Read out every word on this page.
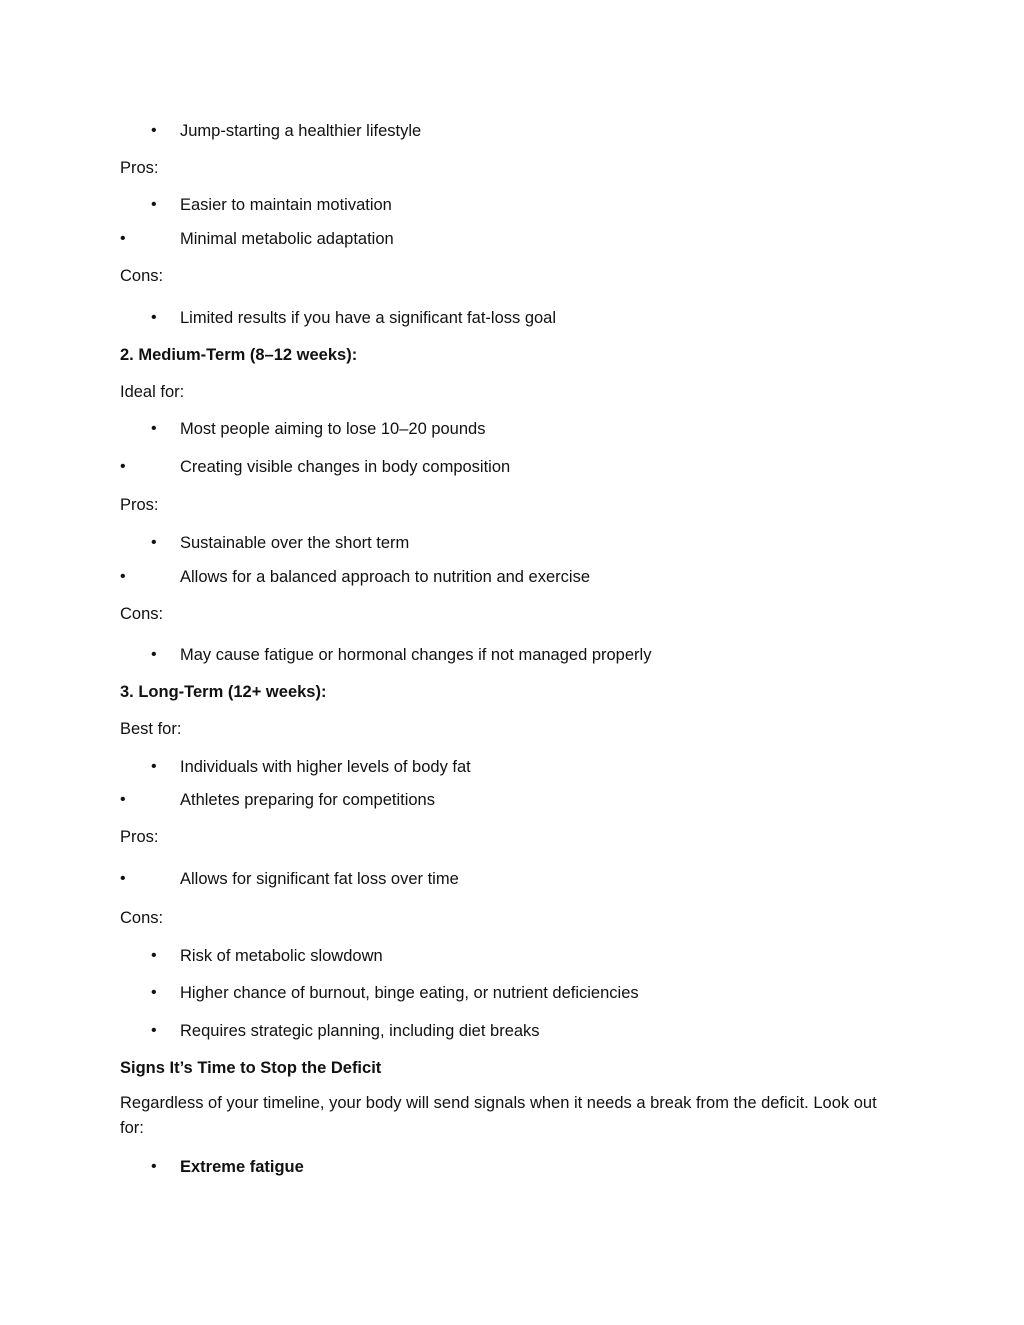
• Jump-starting a healthier lifestyle
Pros:
• Easier to maintain motivation
•	Minimal metabolic adaptation
Cons:
• Limited results if you have a significant fat-loss goal
2. Medium-Term (8–12 weeks):
Ideal for:
• Most people aiming to lose 10–20 pounds
•	Creating visible changes in body composition
Pros:
• Sustainable over the short term
•	Allows for a balanced approach to nutrition and exercise
Cons:
• May cause fatigue or hormonal changes if not managed properly
3. Long-Term (12+ weeks):
Best for:
• Individuals with higher levels of body fat
•	Athletes preparing for competitions
Pros:
•	Allows for significant fat loss over time
Cons:
• Risk of metabolic slowdown
• Higher chance of burnout, binge eating, or nutrient deficiencies
• Requires strategic planning, including diet breaks
Signs It’s Time to Stop the Deficit
Regardless of your timeline, your body will send signals when it needs a break from the deficit. Look out for:
• Extreme fatigue
